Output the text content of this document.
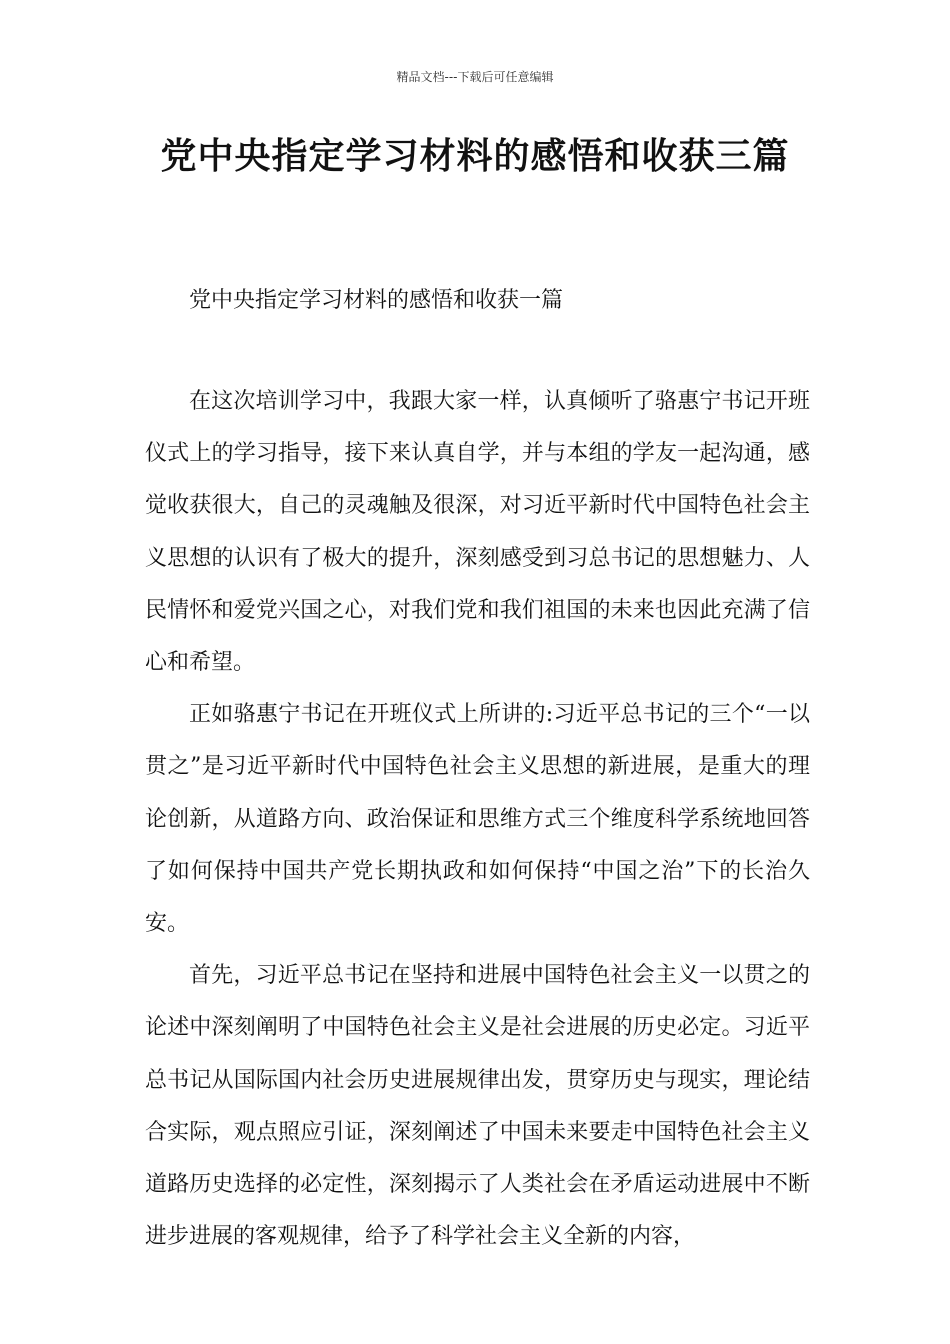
精品文档---下载后可任意编辑
党中央指定学习材料的感悟和收获三篇
党中央指定学习材料的感悟和收获一篇

在这次培训学习中，我跟大家一样，认真倾听了骆惠宁书记开班仪式上的学习指导，接下来认真自学，并与本组的学友一起沟通，感觉收获很大，自己的灵魂触及很深，对习近平新时代中国特色社会主义思想的认识有了极大的提升，深刻感受到习总书记的思想魅力、人民情怀和爱党兴国之心，对我们党和我们祖国的未来也因此充满了信心和希望。

正如骆惠宁书记在开班仪式上所讲的:习近平总书记的三个“一以贯之”是习近平新时代中国特色社会主义思想的新进展，是重大的理论创新，从道路方向、政治保证和思维方式三个维度科学系统地回答了如何保持中国共产党长期执政和如何保持“中国之治”下的长治久安。

首先，习近平总书记在坚持和进展中国特色社会主义一以贯之的论述中深刻阐明了中国特色社会主义是社会进展的历史必定。习近平总书记从国际国内社会历史进展规律出发，贯穿历史与现实，理论结合实际，观点照应引证，深刻阐述了中国未来要走中国特色社会主义道路历史选择的必定性，深刻揭示了人类社会在矛盾运动进展中不断进步进展的客观规律，给予了科学社会主义全新的内容，
